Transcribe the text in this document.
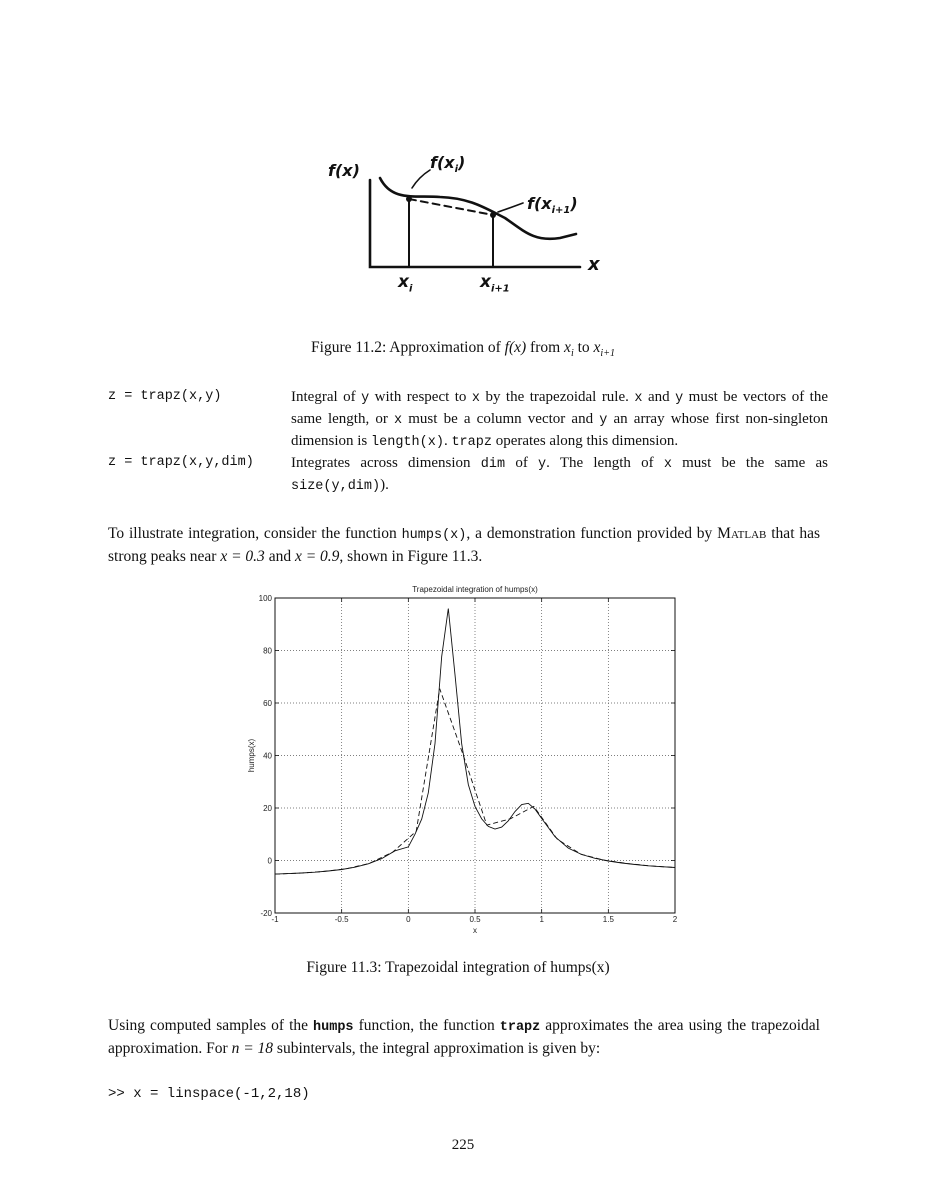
f(x)	$f(x_i)$
$f(x_{i+1})$
x
$x_i$	$x_{i+1}$
Figure 11.2: Approximation of f(x) from $x_i$ to $x_{i+1}$
z = trapz(x,y)	Integral of y with respect to x by the trapezoidal rule. x and y must be vectors of the same length, or x must be a column vector and y an array whose first non-singleton dimension is length(x). trapz operates along this dimension.
z = trapz(x,y,dim)	Integrates across dimension dim of y. The length of x must be the same as size(y,dim)).
To illustrate integration, consider the function humps(x), a demonstration function provided by Matlab that has strong peaks near x = 0.3 and x = 0.9, shown in Figure 11.3.
Trapezoidal integration of humps(x)
-1	-0.5	0	0.5	1	1.5	2
-20
0
20
40
60
80
100
x
humps(x)
Figure 11.3: Trapezoidal integration of humps(x)
Using computed samples of the humps function, the function trapz approximates the area using the trapezoidal approximation. For n = 18 subintervals, the integral approximation is given by:
>> x = linspace(-1,2,18)
225
